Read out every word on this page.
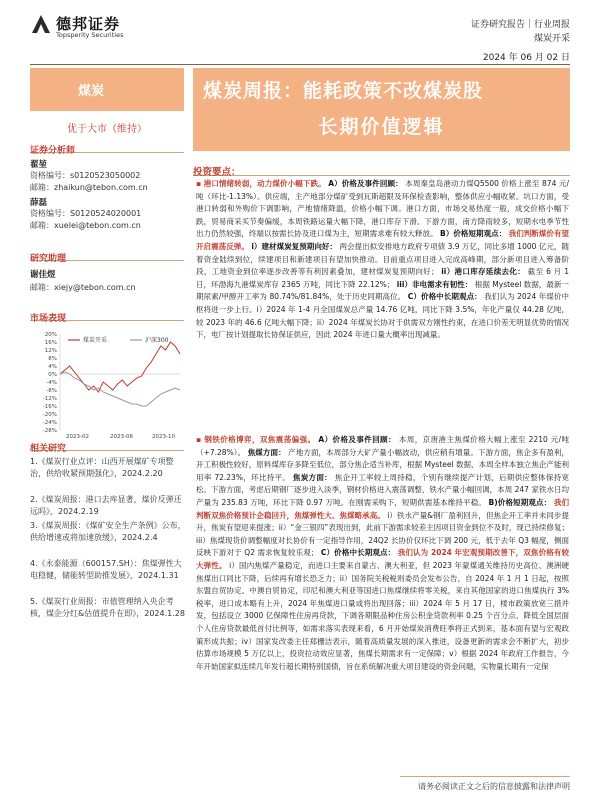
德邦证券
Topsperity Securities
证券研究报告｜行业周报
煤炭开采
2024 年 06 月 02 日
煤炭	煤炭周报：能耗政策不改煤炭股
长期价值逻辑
优于大市（维持）
证券分析师
翟堃
资格编号：s0120523050002
邮箱：zhaikun@tebon.com.cn
薛磊
资格编号：S0120524020001
邮箱：xuelei@tebon.com.cn
研究助理
谢佳煜
邮箱：xiejy@tebon.com.cn
市场表现
20%
16%
12%
8%
4%
0%
-4%
-8%
-12%
-16%
-20%
-24%
-28%
2023-02	2023-06	2023-10
煤炭开采	沪深300
相关研究
1.《煤炭行业点评：山西开展煤矿专项整治，供给收紧预期强化》，2024.2.20
2.《煤炭周报：港口去库显著，煤价反弹还远吗》，2024.2.19
3.《煤炭周报：《煤矿安全生产条例》公布，供给增速或将加速放缓》，2024.2.4
4.《永泰能源（600157.SH）：焦煤弹性大电稳健，储能转型助推发展》，2024.1.31
5.《煤炭行业周报：市值管理纳入央企考核，煤企分红&估值提升在即》，2024.1.28
投资要点：
▪ 港口情绪转弱，动力煤价小幅下跌。 A）价格及事件回顾： 本周秦皇岛港动力煤Q5500 价格上涨至 874 元/吨（环比-1.13%）。供应端，主产地部分煤矿受到瓦斯超限及环保检查影响，整体供应小幅收紧。坑口方面，受港口转弱和外购价下调影响，产地情绪降温，价格小幅下调。港口方面，市场交易热度一般，成交价格小幅下跌，贸易商采买节奏偏缓，本周铁路运量大幅下降，港口库存下滑。下游方面，南方降雨较多，短期水电季节性出力仍然较强，终端以按需长协及进口煤为主，短期需求难有较大释放。 B）价格短期观点： 我们判断煤价有望开启震荡反弹。 i）建材煤炭复预期向好： 两会提出拟安排地方政府专项债 3.9 万亿，同比多增 1000 亿元，随着资金陆续到位，续建项目和新建项目有望加快推动。目前重点项目进入完成高峰期，部分新项目进入筹备阶段，工地资金到位率逐步改善等有利因素叠加，建材煤炭复预期向好； ii）港口库存延续去化： 截至 6 月 1 日，环渤海九港煤炭库存 2365 万吨，同比下降 22.12%； iii）非电需求有韧性： 根据 Mysteel 数据，最新一期尿素/甲醇开工率为 80.74%/81.84%，处于历史同期高位。 C）价格中长期观点： 我们认为 2024 年煤价中枢将进一步上行。i）2024 年 1-4 月全国煤炭总产量 14.76 亿吨，同比下降 3.5%，年化产量仅 44.28 亿吨，较 2023 年的 46.6 亿吨大幅下降；ii）2024 年煤炭长协对于供需双方刚性约束，在进口价差无明显优势的情况下，电厂按计划提取长协保证供应，因此 2024 年进口量大概率出现减量。
▪ 钢铁价格博弈，双焦震荡偏强。 A）价格及事件回顾： 本周，京唐港主焦煤价格大幅上涨至 2210 元/吨（+7.28%）。 焦煤方面： 产地方面，本周部分大矿产量小幅波动，供应稍有增量。下游方面，焦企多有盈利，开工积极性较好，原料煤库存多降至低位，部分焦企适当补库，根据 Mysteel 数据，本周全样本独立焦企产能利用率 72.23%，环比持平。 焦炭方面： 焦企开工率较上周持稳，个别有继续提产计划，后期供应整体保持宽松。下游方面，考虑后期钢厂逐步进入淡季，钢材价格进入震荡调整，铁水产量小幅回调，本周 247 家铁水日均产量为 235.83 万吨，环比下降 0.97 万吨。在刚需采购下，短期供需基本维持平稳。 B)价格短期观点： 我们判断双焦价格预计企稳回升，焦煤弹性大、焦煤略承高。 i）铁水产量&钢厂盈利回升，但焦企开工率并未同步提升，焦炭有望迎来提涨；ii）“金三银四”表现出到，此前下游需求较差主因项目资金到位不及时，现已持续修复；iii）焦煤现货价调整幅度对长协价有一定指导作用，24Q2 长协价仅环比下调 200 元，低于去年 Q3 幅度，侧面反映下游对于 Q2 需求恢复较乐观； C）价格中长期观点： 我们认为 2024 年宏观预期改善下，双焦价格有较大弹性。 i）国内焦煤产量稳定，而进口主要来自蒙古、澳大利亚，但 2023 年蒙煤通关维持历史高位、澳洲硬焦煤出口同比下降，后续再有增长恐乏力；ii）国务院关税税则委员会发布公告，自 2024 年 1 月 1 日起，按照东盟自贸协定、中澳自贸协定，印尼和澳大利亚等国进口焦煤继续将零关税，来自其他国家的进口焦煤执行 3%税率，进口成本略有上升，2024 年焦煤进口量或将出现回落；iii）2024 年 5 月 17 日，楼市政策放宽三措并发，包括设立 3000 亿保障性住房再贷款，下调各期限品种住房公积金贷款利率 0.25 个百分点、降低全国层面个人住房贷款最低首付比例等，如需求落实表现来看，6 月开始煤炭消费旺季将正式到来，基本面有望与宏观政策形成共振；iv）国家发改委主任郑栅洁表示，随着高质量发展的深入推进，设备更新的需求会不断扩大，初步估算市场规模 5 万亿以上，投资拉动效应显著，焦煤长期需求有一定保障；v）根据 2024 年政府工作报告，今年开始国家拟连续几年发行超长期特别国债，旨在系统解决重大项目建设的资金问题，实物量长期有一定保
请务必阅读正文之后的信息披露和法律声明
